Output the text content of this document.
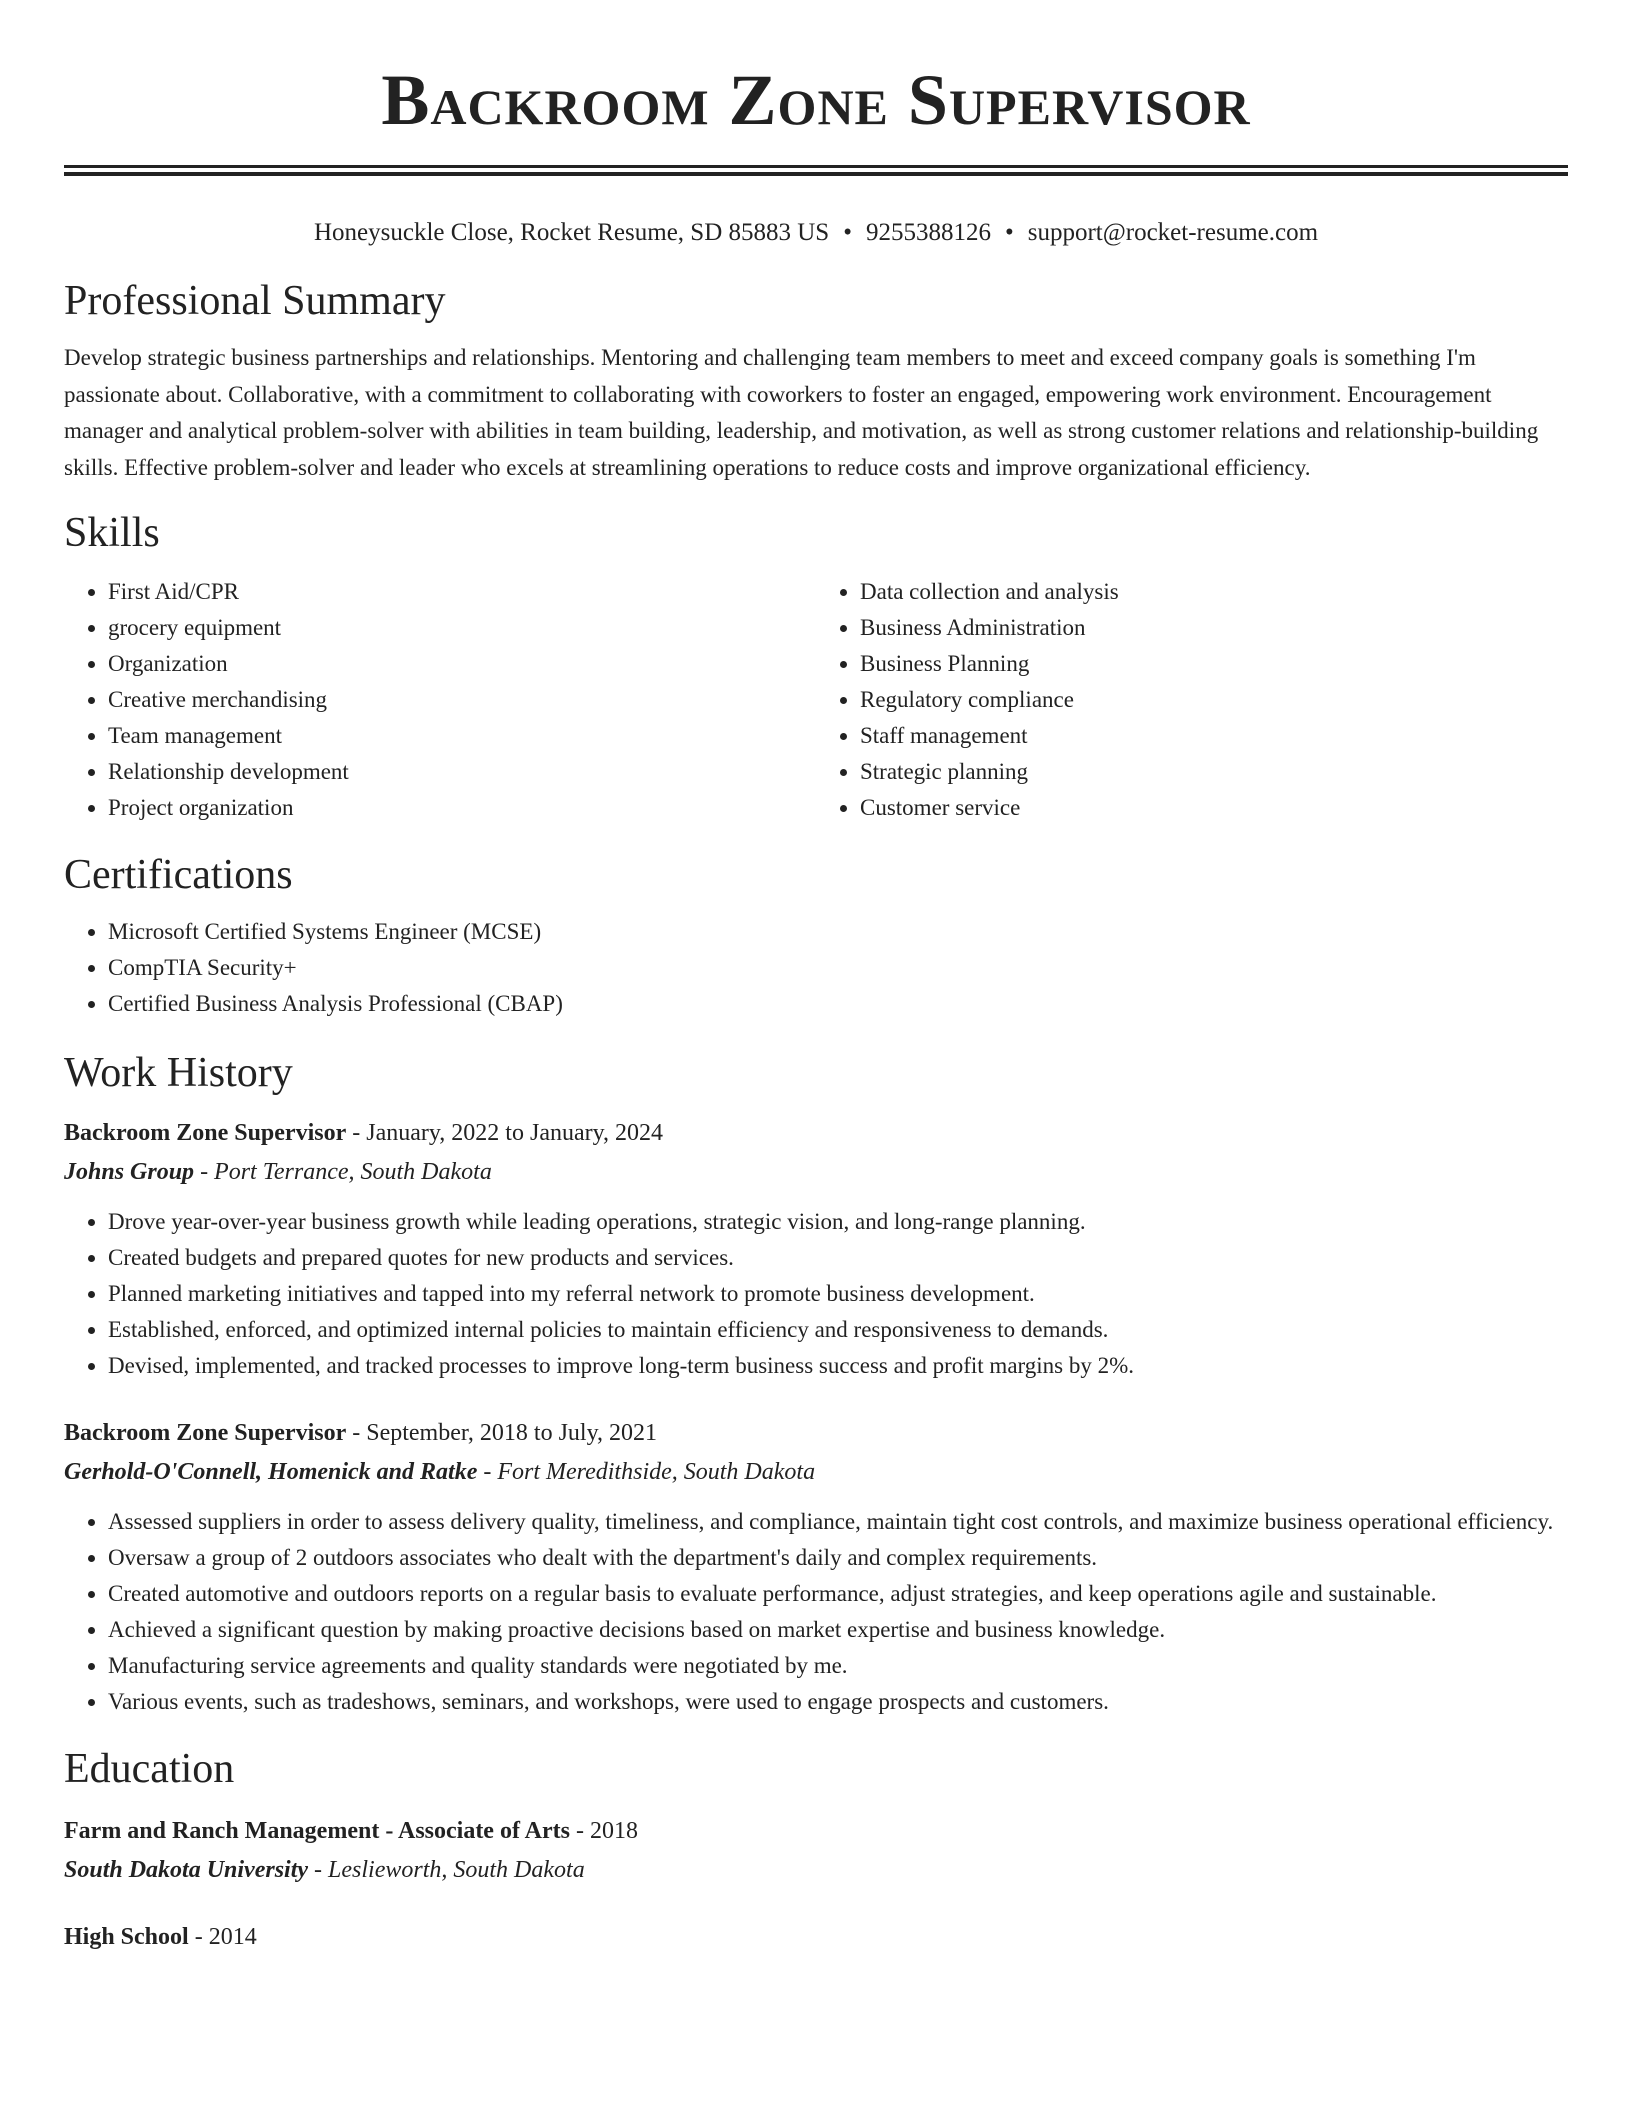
Backroom Zone Supervisor
Honeysuckle Close, Rocket Resume, SD 85883 US • 9255388126 • support@rocket-resume.com
Professional Summary

Develop strategic business partnerships and relationships. Mentoring and challenging team members to meet and exceed company goals is something I'm passionate about. Collaborative, with a commitment to collaborating with coworkers to foster an engaged, empowering work environment. Encouragement manager and analytical problem-solver with abilities in team building, leadership, and motivation, as well as strong customer relations and relationship-building skills. Effective problem-solver and leader who excels at streamlining operations to reduce costs and improve organizational efficiency.

Skills
• First Aid/CPR
• grocery equipment
• Organization
• Creative merchandising
• Team management
• Relationship development
• Project organization
• Data collection and analysis
• Business Administration
• Business Planning
• Regulatory compliance
• Staff management
• Strategic planning
• Customer service
Certifications
• Microsoft Certified Systems Engineer (MCSE)
• CompTIA Security+
• Certified Business Analysis Professional (CBAP)
Work History
Backroom Zone Supervisor - January, 2022 to January, 2024
Johns Group - Port Terrance, South Dakota
• Drove year-over-year business growth while leading operations, strategic vision, and long-range planning.
• Created budgets and prepared quotes for new products and services.
• Planned marketing initiatives and tapped into my referral network to promote business development.
• Established, enforced, and optimized internal policies to maintain efficiency and responsiveness to demands.
• Devised, implemented, and tracked processes to improve long-term business success and profit margins by 2%.
Backroom Zone Supervisor - September, 2018 to July, 2021
Gerhold-O'Connell, Homenick and Ratke - Fort Meredithside, South Dakota
• Assessed suppliers in order to assess delivery quality, timeliness, and compliance, maintain tight cost controls, and maximize business operational efficiency.
• Oversaw a group of 2 outdoors associates who dealt with the department's daily and complex requirements.
• Created automotive and outdoors reports on a regular basis to evaluate performance, adjust strategies, and keep operations agile and sustainable.
• Achieved a significant question by making proactive decisions based on market expertise and business knowledge.
• Manufacturing service agreements and quality standards were negotiated by me.
• Various events, such as tradeshows, seminars, and workshops, were used to engage prospects and customers.
Education
Farm and Ranch Management - Associate of Arts - 2018
South Dakota University - Leslieworth, South Dakota
High School - 2014
